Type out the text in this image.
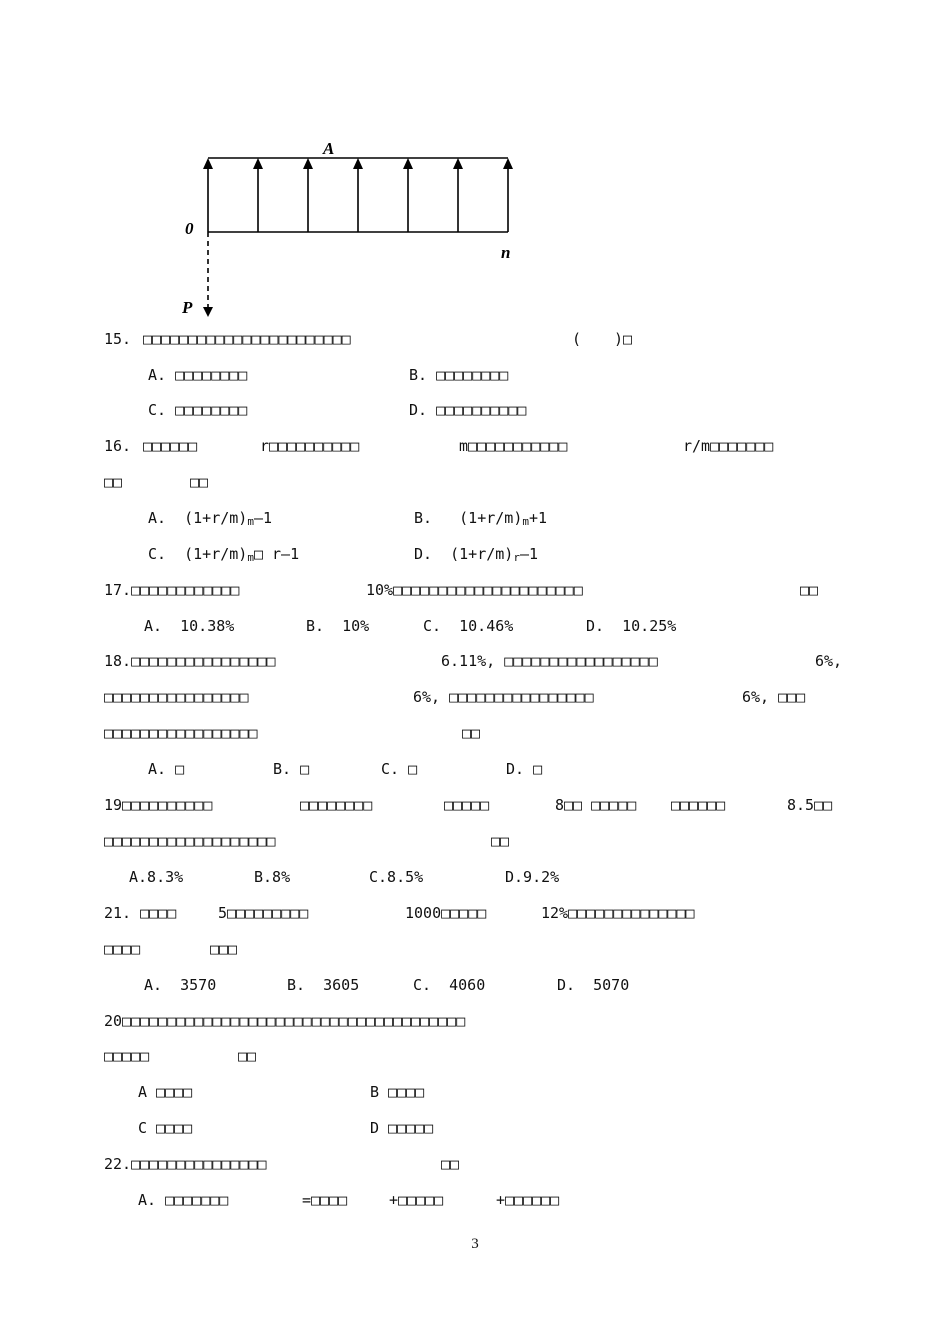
A
0
n
P
15. □□□□□□□□□□□□□□□□□□□□□□□	( )□
A. □□□□□□□□	B. □□□□□□□□
C. □□□□□□□□	D. □□□□□□□□□□
16. □□□□□□	r□□□□□□□□□□	m□□□□□□□□□□□	r/m□□□□□□□
□□	□□
A.  (1+r/m)m—1	B.   (1+r/m)m+1
C.  (1+r/m)m□ r—1	D.  (1+r/m)r—1
17.□□□□□□□□□□□□	10%□□□□□□□□□□□□□□□□□□□□□	□□
A.  10.38%	B.  10%	C.  10.46%	D.  10.25%
18.□□□□□□□□□□□□□□□□	6.11%, □□□□□□□□□□□□□□□□□	6%,
□□□□□□□□□□□□□□□□	6%, □□□□□□□□□□□□□□□□	6%, □□□
□□□□□□□□□□□□□□□□□	□□
A. □	B. □	C. □	D. □
19□□□□□□□□□□	□□□□□□□□	□□□□□	8□□ □□□□□ □□□□□□	8.5□□
□□□□□□□□□□□□□□□□□□□	□□
A.8.3%	B.8%	C.8.5%	D.9.2%
21. □□□□	5□□□□□□□□□	1000□□□□□	12%□□□□□□□□□□□□□□
□□□□	□□□
A.  3570	B.  3605	C.  4060	D.  5070
20□□□□□□□□□□□□□□□□□□□□□□□□□□□□□□□□□□□□□□
□□□□□	□□
A □□□□	B □□□□
C □□□□	D □□□□□
22.□□□□□□□□□□□□□□□	□□
A. □□□□□□□	=□□□□	+□□□□□	+□□□□□□
3
